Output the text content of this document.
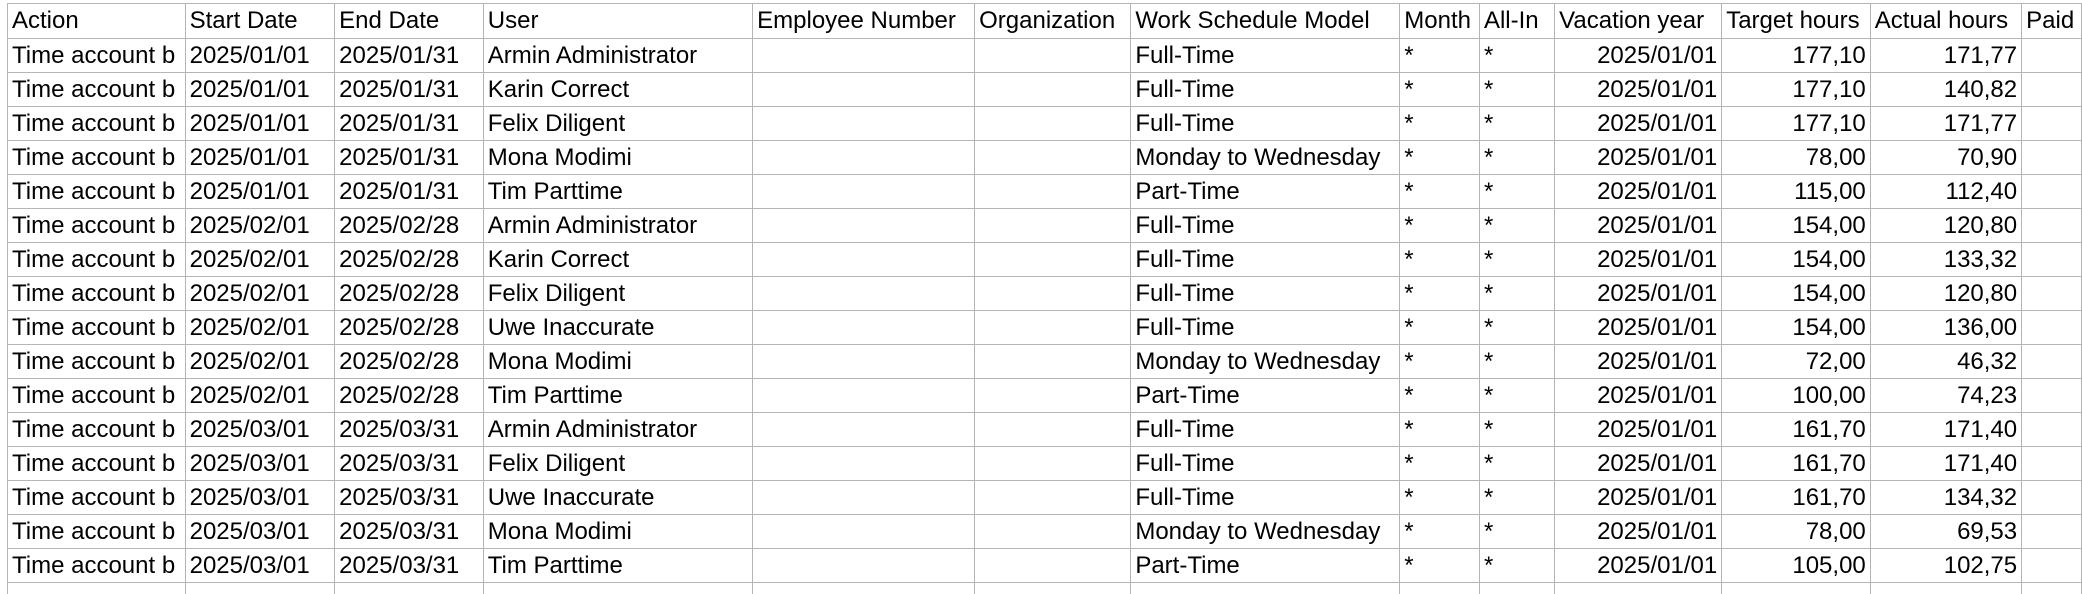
Action	Start Date	End Date	User	Employee Number	Organization	Work Schedule Model	Month	All-In	Vacation year	Target hours	Actual hours	Paid
Time account b	2025/01/01	2025/01/31	Armin Administrator			Full-Time	*	*	2025/01/01	177,10	171,77	
Time account b	2025/01/01	2025/01/31	Karin Correct			Full-Time	*	*	2025/01/01	177,10	140,82	
Time account b	2025/01/01	2025/01/31	Felix Diligent			Full-Time	*	*	2025/01/01	177,10	171,77	
Time account b	2025/01/01	2025/01/31	Mona Modimi			Monday to Wednesday	*	*	2025/01/01	78,00	70,90	
Time account b	2025/01/01	2025/01/31	Tim Parttime			Part-Time	*	*	2025/01/01	115,00	112,40	
Time account b	2025/02/01	2025/02/28	Armin Administrator			Full-Time	*	*	2025/01/01	154,00	120,80	
Time account b	2025/02/01	2025/02/28	Karin Correct			Full-Time	*	*	2025/01/01	154,00	133,32	
Time account b	2025/02/01	2025/02/28	Felix Diligent			Full-Time	*	*	2025/01/01	154,00	120,80	
Time account b	2025/02/01	2025/02/28	Uwe Inaccurate			Full-Time	*	*	2025/01/01	154,00	136,00	
Time account b	2025/02/01	2025/02/28	Mona Modimi			Monday to Wednesday	*	*	2025/01/01	72,00	46,32	
Time account b	2025/02/01	2025/02/28	Tim Parttime			Part-Time	*	*	2025/01/01	100,00	74,23	
Time account b	2025/03/01	2025/03/31	Armin Administrator			Full-Time	*	*	2025/01/01	161,70	171,40	
Time account b	2025/03/01	2025/03/31	Felix Diligent			Full-Time	*	*	2025/01/01	161,70	171,40	
Time account b	2025/03/01	2025/03/31	Uwe Inaccurate			Full-Time	*	*	2025/01/01	161,70	134,32	
Time account b	2025/03/01	2025/03/31	Mona Modimi			Monday to Wednesday	*	*	2025/01/01	78,00	69,53	
Time account b	2025/03/01	2025/03/31	Tim Parttime			Part-Time	*	*	2025/01/01	105,00	102,75	
